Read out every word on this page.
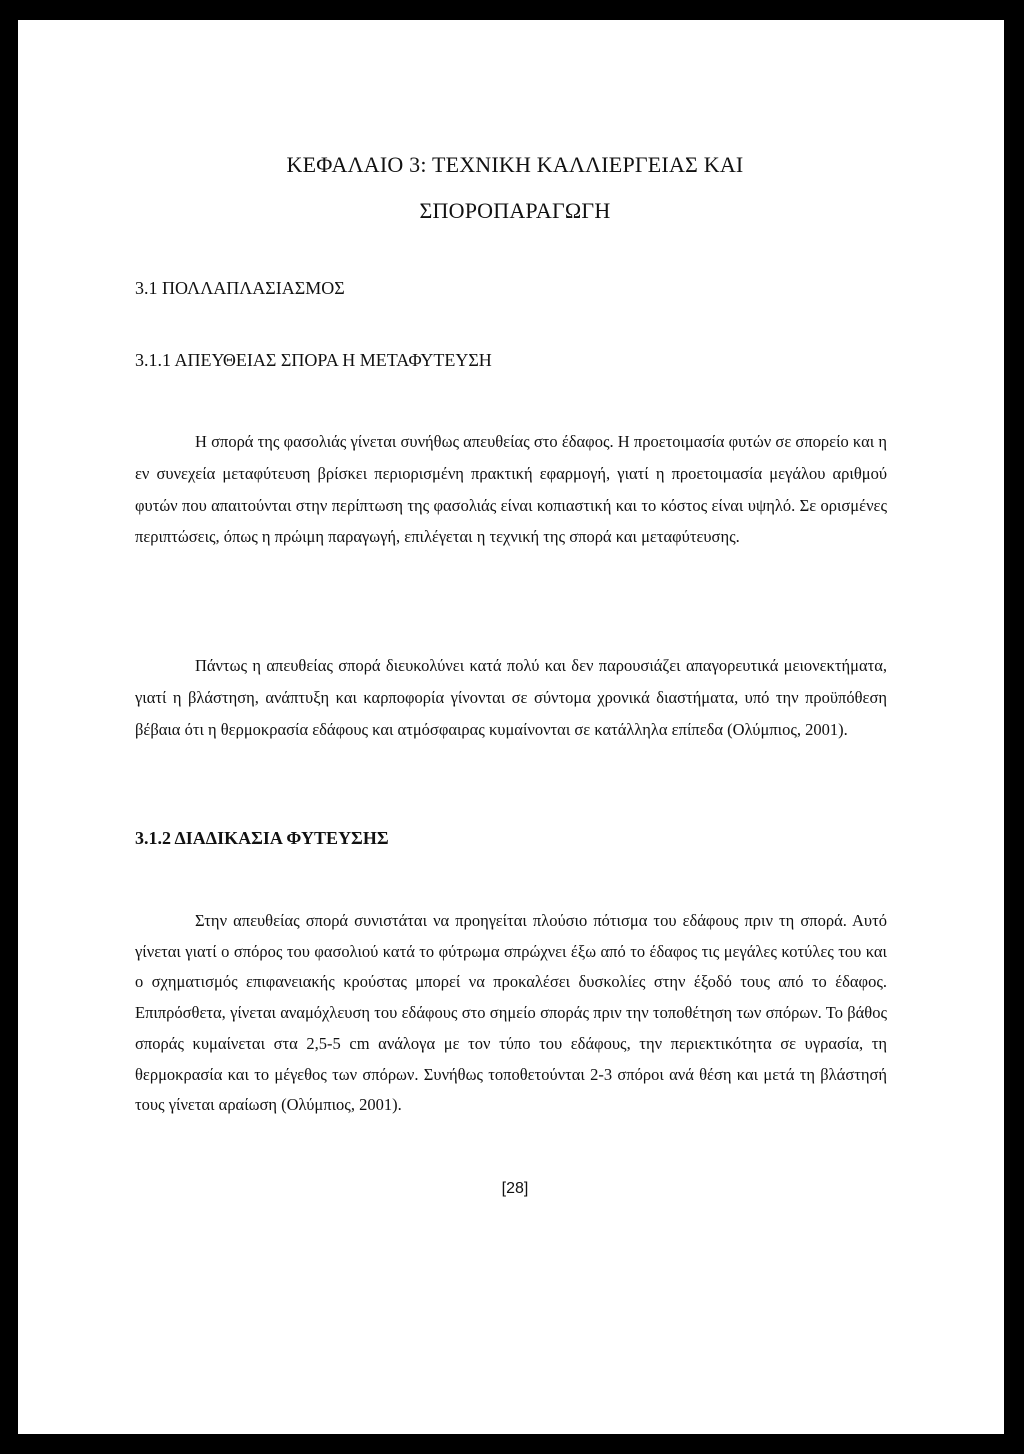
ΚΕΦΑΛΑΙΟ 3: ΤΕΧΝΙΚΗ ΚΑΛΛΙΕΡΓΕΙΑΣ ΚΑΙ
ΣΠΟΡΟΠΑΡΑΓΩΓΗ
3.1 ΠΟΛΛΑΠΛΑΣΙΑΣΜΟΣ
3.1.1 ΑΠΕΥΘΕΙΑΣ ΣΠΟΡΑ Η ΜΕΤΑΦΥΤΕΥΣΗ

Η σπορά της φασολιάς γίνεται συνήθως απευθείας στο έδαφος. Η προετοιμασία φυτών σε σπορείο και η εν συνεχεία μεταφύτευση βρίσκει περιορισμένη πρακτική εφαρμογή, γιατί η προετοιμασία μεγάλου αριθμού φυτών που απαιτούνται στην περίπτωση της φασολιάς είναι κοπιαστική και το κόστος είναι υψηλό. Σε ορισμένες περιπτώσεις, όπως η πρώιμη παραγωγή, επιλέγεται η τεχνική της σπορά και μεταφύτευσης.

Πάντως η απευθείας σπορά διευκολύνει κατά πολύ και δεν παρουσιάζει απαγορευτικά μειονεκτήματα, γιατί η βλάστηση, ανάπτυξη και καρποφορία γίνονται σε σύντομα χρονικά διαστήματα, υπό την προϋπόθεση βέβαια ότι η θερμοκρασία εδάφους και ατμόσφαιρας κυμαίνονται σε κατάλληλα επίπεδα (Ολύμπιος, 2001).

3.1.2 ΔΙΑΔΙΚΑΣΙΑ ΦΥΤΕΥΣΗΣ

Στην απευθείας σπορά συνιστάται να προηγείται πλούσιο πότισμα του εδάφους πριν τη σπορά. Αυτό γίνεται γιατί ο σπόρος του φασολιού κατά το φύτρωμα σπρώχνει έξω από το έδαφος τις μεγάλες κοτύλες του και ο σχηματισμός επιφανειακής κρούστας μπορεί να προκαλέσει δυσκολίες στην έξοδό τους από το έδαφος. Επιπρόσθετα, γίνεται αναμόχλευση του εδάφους στο σημείο σποράς πριν την τοποθέτηση των σπόρων. Το βάθος σποράς κυμαίνεται στα 2,5-5 cm ανάλογα με τον τύπο του εδάφους, την περιεκτικότητα σε υγρασία, τη θερμοκρασία και το μέγεθος των σπόρων. Συνήθως τοποθετούνται 2-3 σπόροι ανά θέση και μετά τη βλάστησή τους γίνεται αραίωση (Ολύμπιος, 2001).

[28]
